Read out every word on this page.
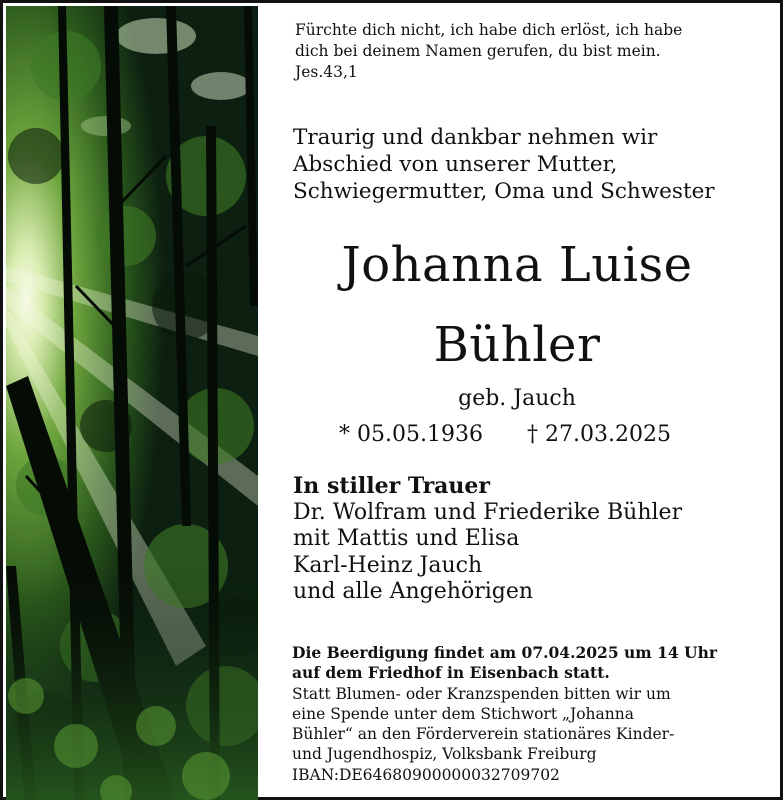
Fürchte dich nicht, ich habe dich erlöst, ich habe
dich bei deinem Namen gerufen, du bist mein.
Jes.43,1
Traurig und dankbar nehmen wir
Abschied von unserer Mutter,
Schwiegermutter, Oma und Schwester
Johanna Luise
Bühler
geb. Jauch
* 05.05.1936 † 27.03.2025
In stiller Trauer
Dr. Wolfram und Friederike Bühler
mit Mattis und Elisa
Karl-Heinz Jauch
und alle Angehörigen
Die Beerdigung findet am 07.04.2025 um 14 Uhr
auf dem Friedhof in Eisenbach statt.
Statt Blumen- oder Kranzspenden bitten wir um
eine Spende unter dem Stichwort „Johanna
Bühler“ an den Förderverein stationäres Kinder-
und Jugendhospiz, Volksbank Freiburg
IBAN:DE64680900000032709702
